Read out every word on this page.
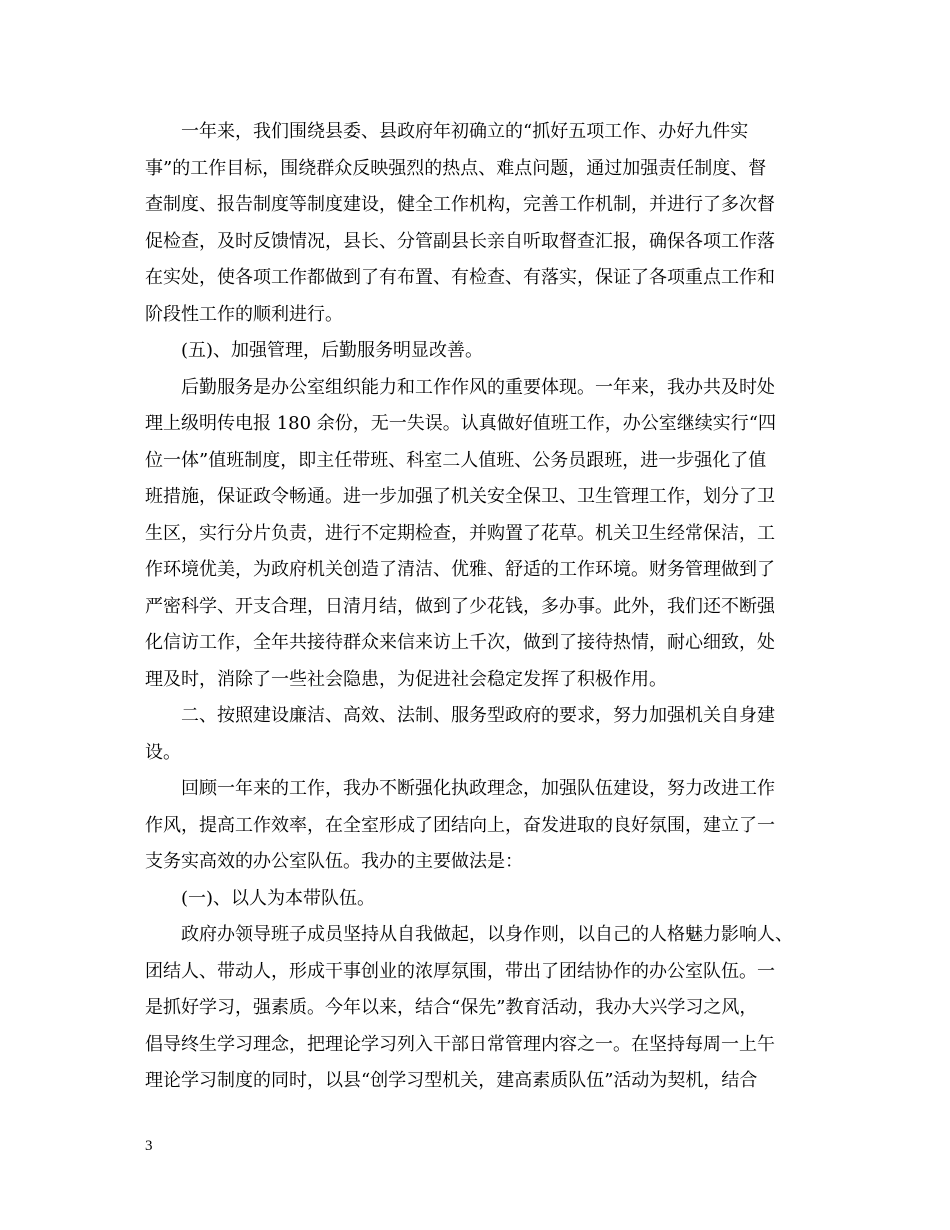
一年来，我们围绕县委、县政府年初确立的“抓好五项工作、办好九件实
事”的工作目标，围绕群众反映强烈的热点、难点问题，通过加强责任制度、督
查制度、报告制度等制度建设，健全工作机构，完善工作机制，并进行了多次督
促检查，及时反馈情况，县长、分管副县长亲自听取督查汇报，确保各项工作落
在实处，使各项工作都做到了有布置、有检查、有落实，保证了各项重点工作和
阶段性工作的顺利进行。
(五)、加强管理，后勤服务明显改善。
后勤服务是办公室组织能力和工作作风的重要体现。一年来，我办共及时处
理上级明传电报 180 余份，无一失误。认真做好值班工作，办公室继续实行“四
位一体”值班制度，即主任带班、科室二人值班、公务员跟班，进一步强化了值
班措施，保证政令畅通。进一步加强了机关安全保卫、卫生管理工作，划分了卫
生区，实行分片负责，进行不定期检查，并购置了花草。机关卫生经常保洁，工
作环境优美，为政府机关创造了清洁、优雅、舒适的工作环境。财务管理做到了
严密科学、开支合理，日清月结，做到了少花钱，多办事。此外，我们还不断强
化信访工作，全年共接待群众来信来访上千次，做到了接待热情，耐心细致，处
理及时，消除了一些社会隐患，为促进社会稳定发挥了积极作用。
二、按照建设廉洁、高效、法制、服务型政府的要求，努力加强机关自身建
设。
回顾一年来的工作，我办不断强化执政理念，加强队伍建设，努力改进工作
作风，提高工作效率，在全室形成了团结向上，奋发进取的良好氛围，建立了一
支务实高效的办公室队伍。我办的主要做法是：
(一)、以人为本带队伍。
政府办领导班子成员坚持从自我做起，以身作则，以自己的人格魅力影响人、
团结人、带动人，形成干事创业的浓厚氛围，带出了团结协作的办公室队伍。一
是抓好学习，强素质。今年以来，结合“保先”教育活动，我办大兴学习之风，
倡导终生学习理念，把理论学习列入干部日常管理内容之一。在坚持每周一上午
理论学习制度的同时，以县“创学习型机关，建高素质队伍”活动为契机，结合
3
